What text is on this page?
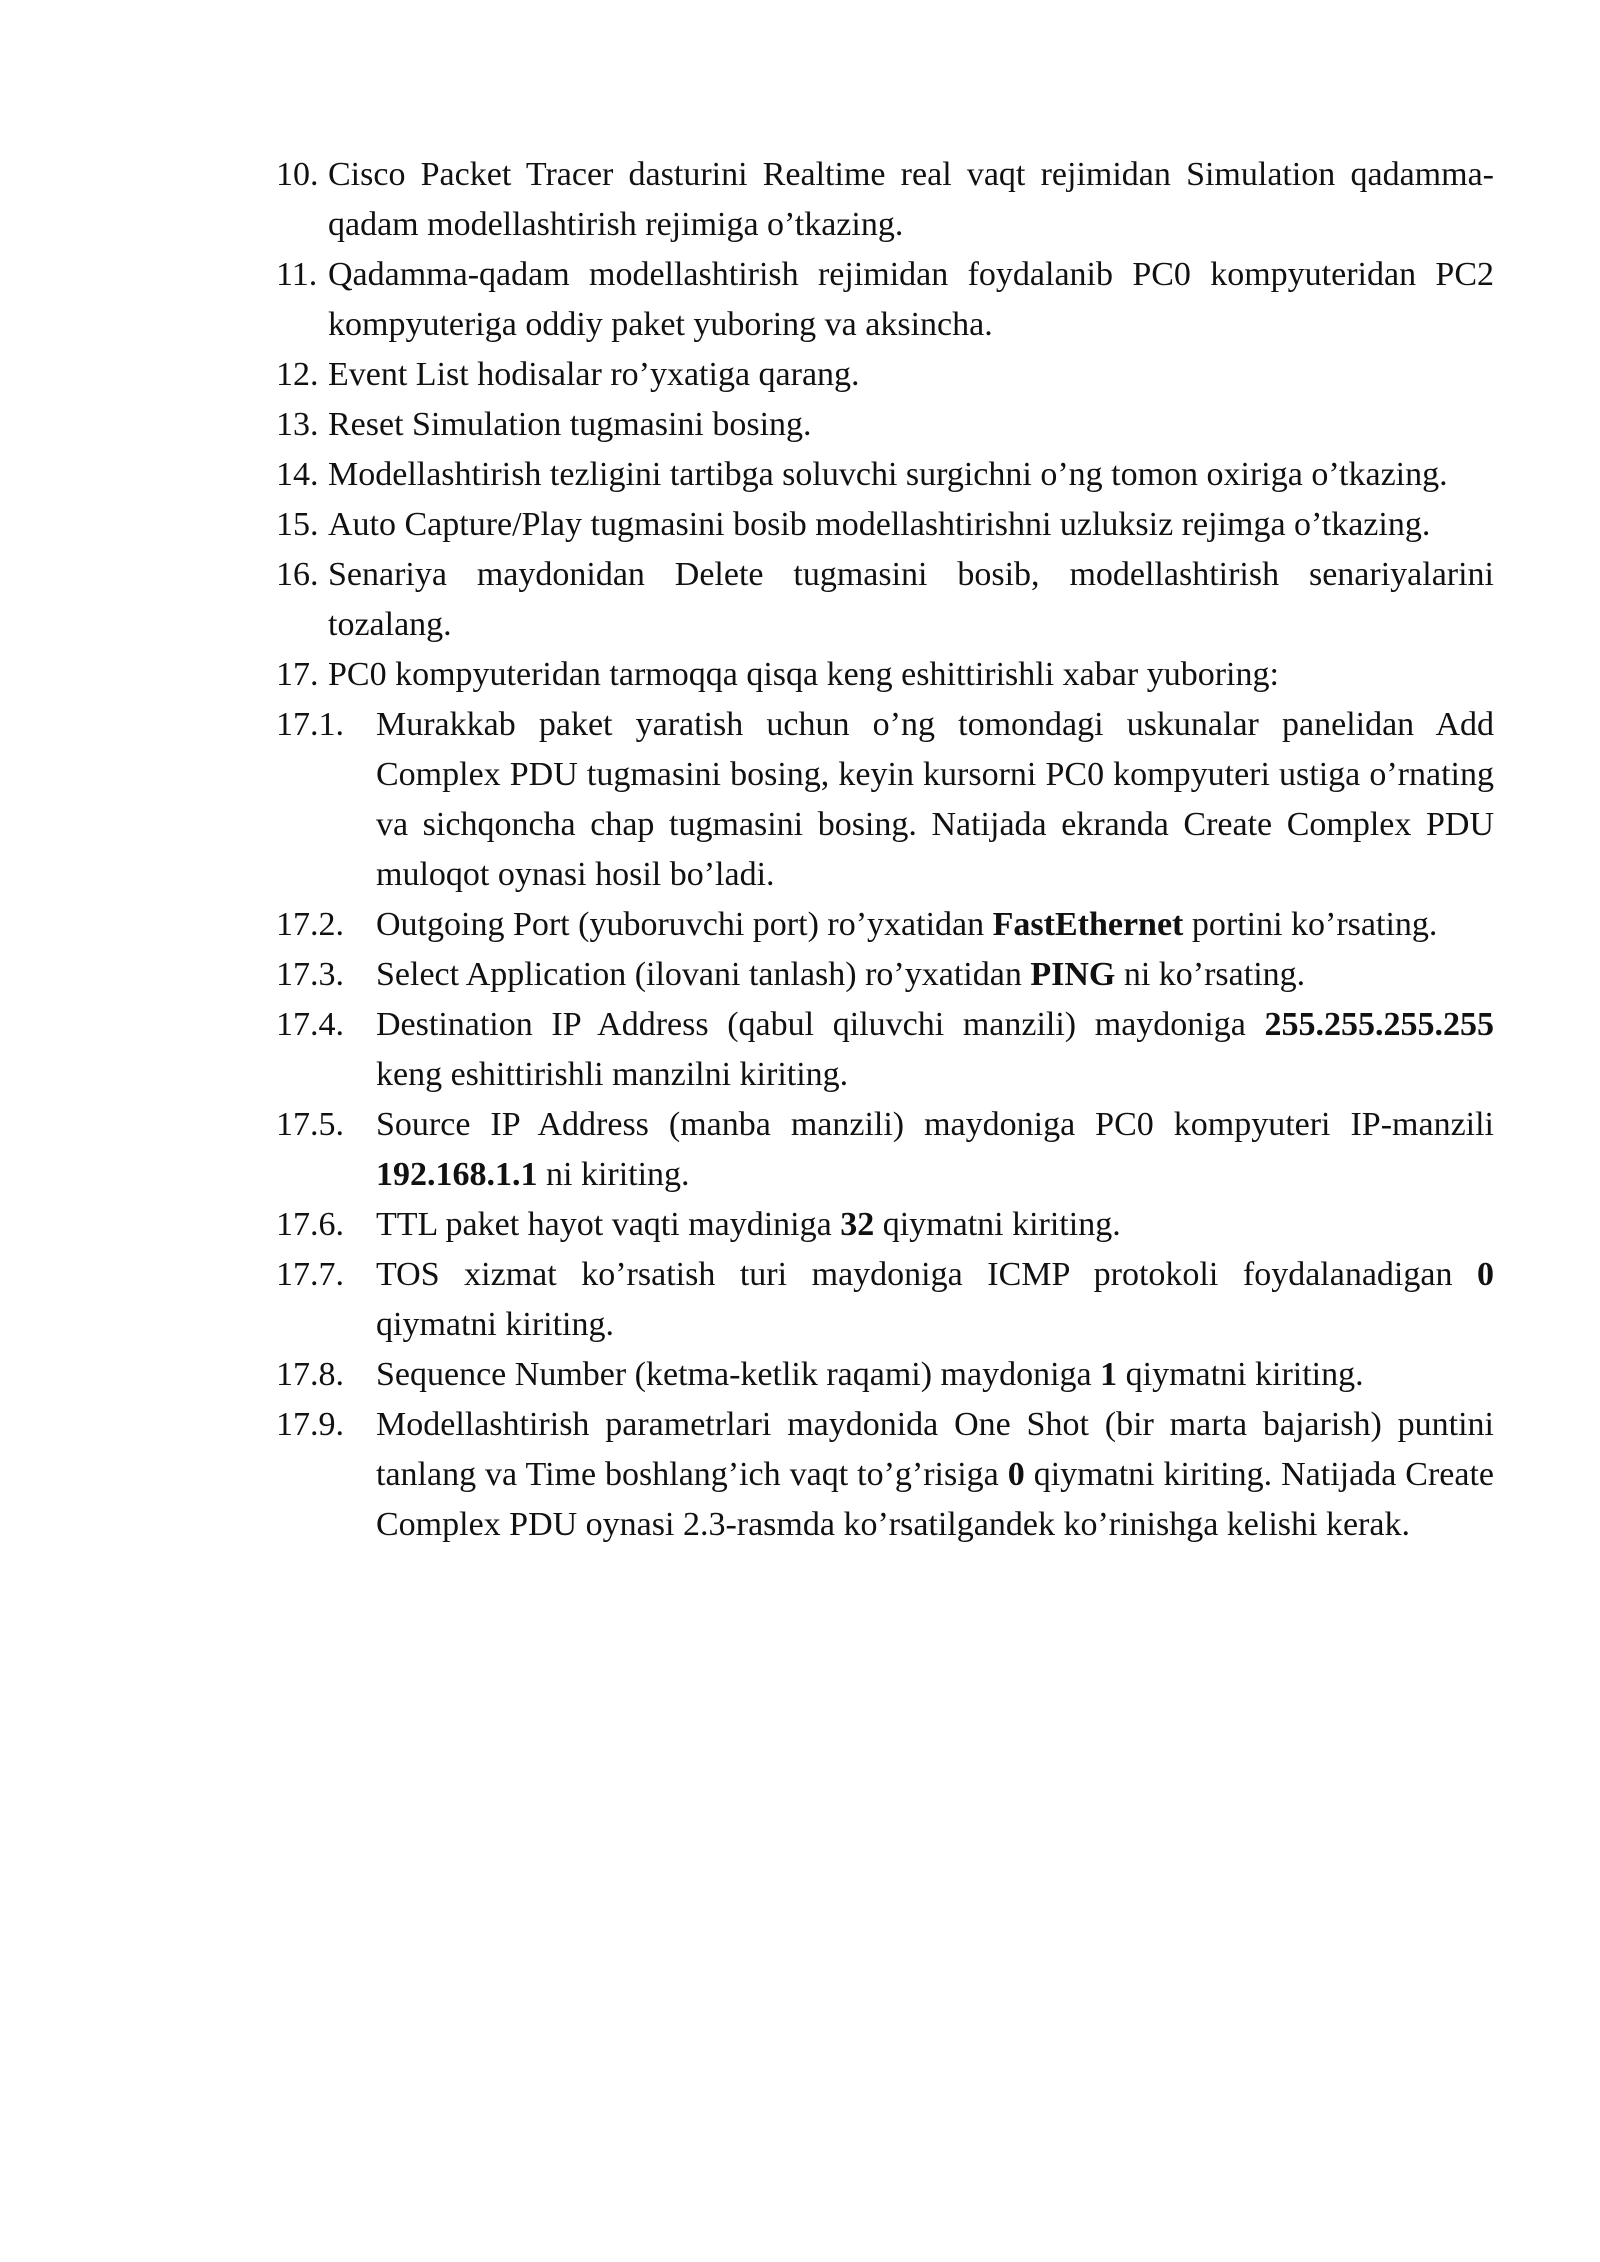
10. Cisco Packet Tracer dasturini Realtime real vaqt rejimidan Simulation qadamma-qadam modellashtirish rejimiga o’tkazing.
11. Qadamma-qadam modellashtirish rejimidan foydalanib PC0 kompyuteridan PC2 kompyuteriga oddiy paket yuboring va aksincha.
12. Event List hodisalar ro’yxatiga qarang.
13. Reset Simulation tugmasini bosing.
14. Modellashtirish tezligini tartibga soluvchi surgichni o’ng tomon oxiriga o’tkazing.
15. Auto Capture/Play tugmasini bosib modellashtirishni uzluksiz rejimga o’tkazing.
16. Senariya maydonidan Delete tugmasini bosib, modellashtirish senariyalarini tozalang.
17. PC0 kompyuteridan tarmoqqa qisqa keng eshittirishli xabar yuboring:
17.1. Murakkab paket yaratish uchun o’ng tomondagi uskunalar panelidan Add Complex PDU tugmasini bosing, keyin kursorni PC0 kompyuteri ustiga o’rnating va sichqoncha chap tugmasini bosing. Natijada ekranda Create Complex PDU muloqot oynasi hosil bo’ladi.
17.2. Outgoing Port (yuboruvchi port) ro’yxatidan FastEthernet portini ko’rsating.
17.3. Select Application (ilovani tanlash) ro’yxatidan PING ni ko’rsating.
17.4. Destination IP Address (qabul qiluvchi manzili) maydoniga 255.255.255.255 keng eshittirishli manzilni kiriting.
17.5. Source IP Address (manba manzili) maydoniga PC0 kompyuteri IP-manzili 192.168.1.1 ni kiriting.
17.6. TTL paket hayot vaqti maydiniga 32 qiymatni kiriting.
17.7. TOS xizmat ko’rsatish turi maydoniga ICMP protokoli foydalanadigan 0 qiymatni kiriting.
17.8. Sequence Number (ketma-ketlik raqami) maydoniga 1 qiymatni kiriting.
17.9. Modellashtirish parametrlari maydonida One Shot (bir marta bajarish) puntini tanlang va Time boshlang’ich vaqt to’g’risiga 0 qiymatni kiriting. Natijada Create Complex PDU oynasi 2.3-rasmda ko’rsatilgandek ko’rinishga kelishi kerak.
